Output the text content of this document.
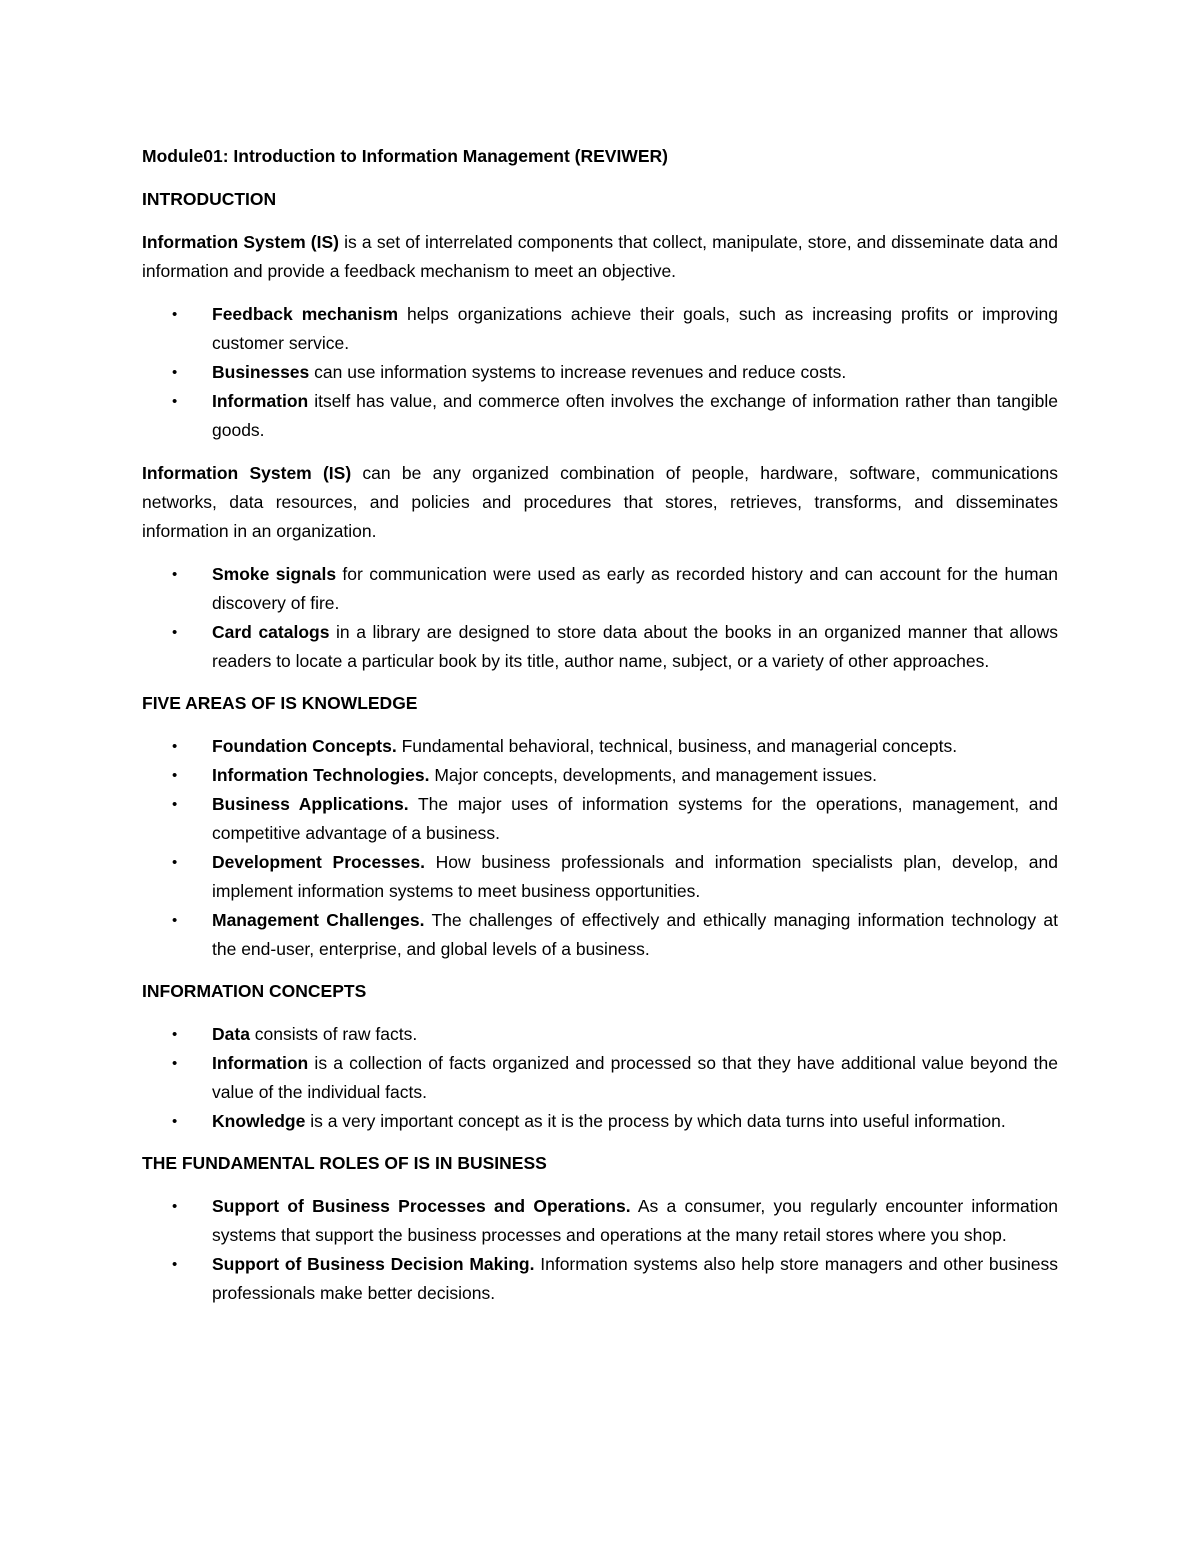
Module01: Introduction to Information Management (REVIWER)
INTRODUCTION

Information System (IS) is a set of interrelated components that collect, manipulate, store, and disseminate data and information and provide a feedback mechanism to meet an objective.

• Feedback mechanism helps organizations achieve their goals, such as increasing profits or improving customer service.
• Businesses can use information systems to increase revenues and reduce costs.
• Information itself has value, and commerce often involves the exchange of information rather than tangible goods.

Information System (IS) can be any organized combination of people, hardware, software, communications networks, data resources, and policies and procedures that stores, retrieves, transforms, and disseminates information in an organization.

• Smoke signals for communication were used as early as recorded history and can account for the human discovery of fire.
• Card catalogs in a library are designed to store data about the books in an organized manner that allows readers to locate a particular book by its title, author name, subject, or a variety of other approaches.
FIVE AREAS OF IS KNOWLEDGE
• Foundation Concepts. Fundamental behavioral, technical, business, and managerial concepts.
• Information Technologies. Major concepts, developments, and management issues.
• Business Applications. The major uses of information systems for the operations, management, and competitive advantage of a business.
• Development Processes. How business professionals and information specialists plan, develop, and implement information systems to meet business opportunities.
• Management Challenges. The challenges of effectively and ethically managing information technology at the end-user, enterprise, and global levels of a business.
INFORMATION CONCEPTS
• Data consists of raw facts.
• Information is a collection of facts organized and processed so that they have additional value beyond the value of the individual facts.
• Knowledge is a very important concept as it is the process by which data turns into useful information.
THE FUNDAMENTAL ROLES OF IS IN BUSINESS
• Support of Business Processes and Operations. As a consumer, you regularly encounter information systems that support the business processes and operations at the many retail stores where you shop.
• Support of Business Decision Making. Information systems also help store managers and other business professionals make better decisions.
